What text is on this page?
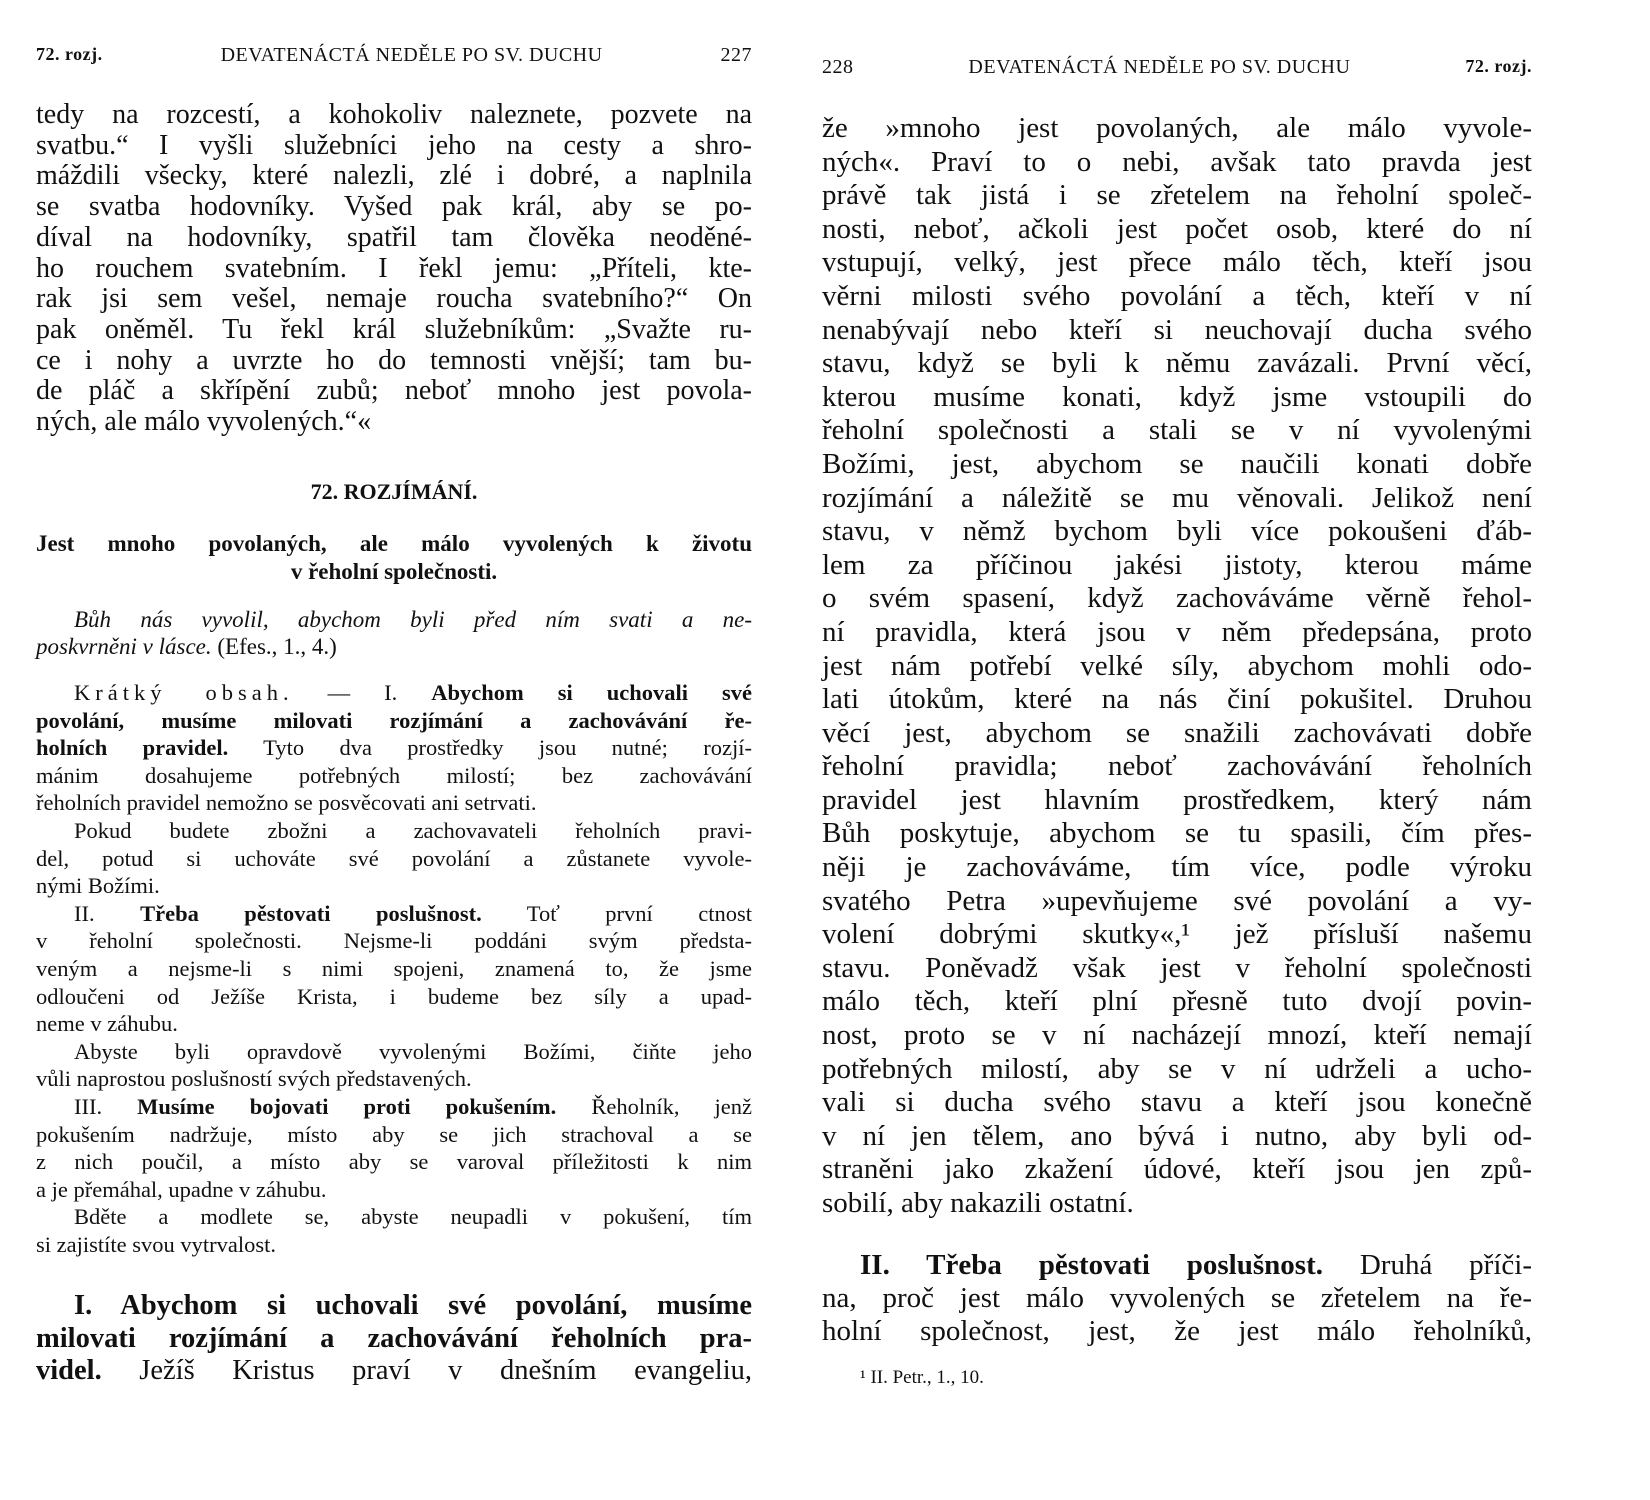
72. rozj.	DEVATENÁCTÁ NEDĚLE PO SV. DUCHU	227
tedy na rozcestí, a kohokoliv naleznete, pozvete na
svatbu.“ I vyšli služebníci jeho na cesty a shro-
máždili všecky, které nalezli, zlé i dobré, a naplnila
se svatba hodovníky. Vyšed pak král, aby se po-
díval na hodovníky, spatřil tam člověka neoděné-
ho rouchem svatebním. I řekl jemu: „Příteli, kte-
rak jsi sem vešel, nemaje roucha svatebního?“ On
pak oněměl. Tu řekl král služebníkům: „Svažte ru-
ce i nohy a uvrzte ho do temnosti vnější; tam bu-
de pláč a skřípění zubů; neboť mnoho jest povola-
ných, ale málo vyvolených.“«
72. ROZJÍMÁNÍ.
Jest mnoho povolaných, ale málo vyvolených k životu
v řeholní společnosti.
Bůh nás vyvolil, abychom byli před ním svati a ne-
poskvrněni v lásce. (Efes., 1., 4.)
Krátký obsah. — I. Abychom si uchovali své
povolání, musíme milovati rozjímání a zachovávání ře-
holních pravidel. Tyto dva prostředky jsou nutné; rozjí-
mánim dosahujeme potřebných milostí; bez zachovávání
řeholních pravidel nemožno se posvěcovati ani setrvati.
Pokud budete zbožni a zachovavateli řeholních pravi-
del, potud si uchováte své povolání a zůstanete vyvole-
nými Božími.
II. Třeba pěstovati poslušnost. Toť první ctnost
v řeholní společnosti. Nejsme-li poddáni svým předsta-
veným a nejsme-li s nimi spojeni, znamená to, že jsme
odloučeni od Ježíše Krista, i budeme bez síly a upad-
neme v záhubu.
Abyste byli opravdově vyvolenými Božími, čiňte jeho
vůli naprostou poslušností svých představených.
III. Musíme bojovati proti pokušením. Řeholník, jenž
pokušením nadržuje, místo aby se jich strachoval a se
z nich poučil, a místo aby se varoval příležitosti k nim
a je přemáhal, upadne v záhubu.
Bděte a modlete se, abyste neupadli v pokušení, tím
si zajistíte svou vytrvalost.
I. Abychom si uchovali své povolání, musíme
milovati rozjímání a zachovávání řeholních pra-
videl. Ježíš Kristus praví v dnešním evangeliu,
228	DEVATENÁCTÁ NEDĚLE PO SV. DUCHU	72. rozj.
že »mnoho jest povolaných, ale málo vyvole-
ných«. Praví to o nebi, avšak tato pravda jest
právě tak jistá i se zřetelem na řeholní společ-
nosti, neboť, ačkoli jest počet osob, které do ní
vstupují, velký, jest přece málo těch, kteří jsou
věrni milosti svého povolání a těch, kteří v ní
nenabývají nebo kteří si neuchovají ducha svého
stavu, když se byli k němu zavázali. První věcí,
kterou musíme konati, když jsme vstoupili do
řeholní společnosti a stali se v ní vyvolenými
Božími, jest, abychom se naučili konati dobře
rozjímání a náležitě se mu věnovali. Jelikož není
stavu, v němž bychom byli více pokoušeni ďáb-
lem za příčinou jakési jistoty, kterou máme
o svém spasení, když zachováváme věrně řehol-
ní pravidla, která jsou v něm předepsána, proto
jest nám potřebí velké síly, abychom mohli odo-
lati útokům, které na nás činí pokušitel. Druhou
věcí jest, abychom se snažili zachovávati dobře
řeholní pravidla; neboť zachovávání řeholních
pravidel jest hlavním prostředkem, který nám
Bůh poskytuje, abychom se tu spasili, čím přes-
něji je zachováváme, tím více, podle výroku
svatého Petra »upevňujeme své povolání a vy-
volení dobrými skutky«,¹ jež přísluší našemu
stavu. Poněvadž však jest v řeholní společnosti
málo těch, kteří plní přesně tuto dvojí povin-
nost, proto se v ní nacházejí mnozí, kteří nemají
potřebných milostí, aby se v ní udrželi a ucho-
vali si ducha svého stavu a kteří jsou konečně
v ní jen tělem, ano bývá i nutno, aby byli od-
straněni jako zkažení údové, kteří jsou jen způ-
sobilí, aby nakazili ostatní.
II. Třeba pěstovati poslušnost. Druhá příči-
na, proč jest málo vyvolených se zřetelem na ře-
holní společnost, jest, že jest málo řeholníků,
¹ II. Petr., 1., 10.
